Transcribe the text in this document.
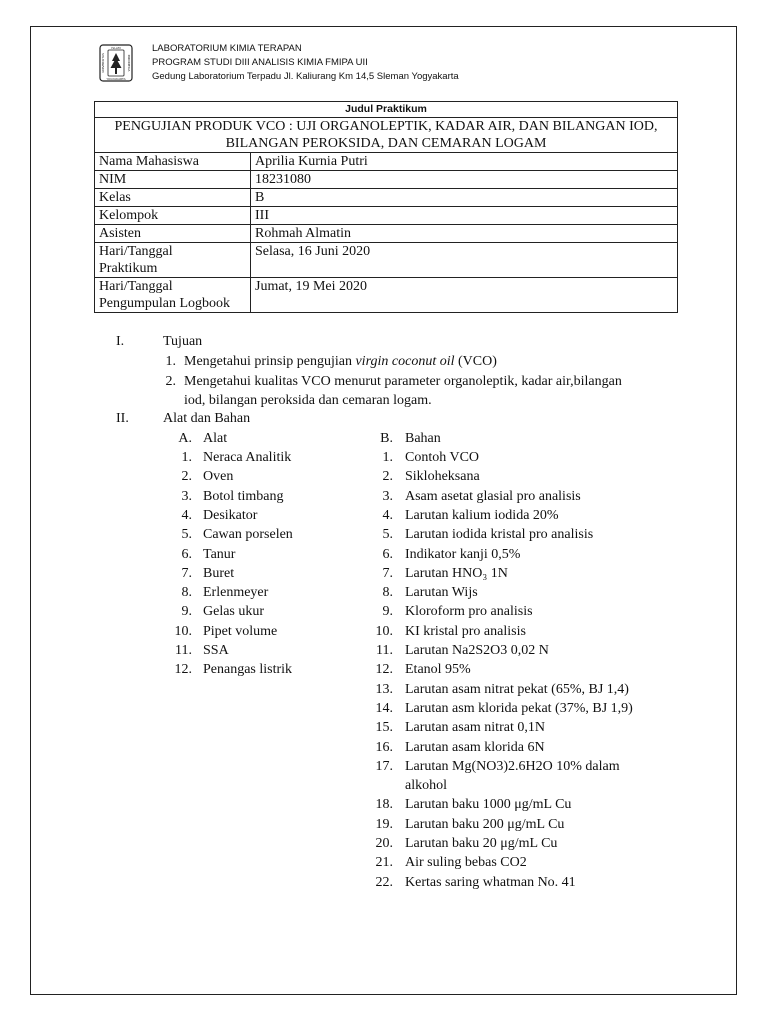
ISLAM
YOGYAKARTA
UNIVERSITAS	INDONESIA
LABORATORIUM KIMIA TERAPAN
PROGRAM STUDI DIII ANALISIS KIMIA FMIPA UII
Gedung Laboratorium Terpadu Jl. Kaliurang Km 14,5 Sleman Yogyakarta
Judul Praktikum	

PENGUJIAN PRODUK VCO : UJI ORGANOLEPTIK, KADAR AIR, DAN BILANGAN IOD,
BILANGAN PEROKSIDA, DAN CEMARAN LOGAM	

Nama Mahasiswa	Aprilia Kurnia Putri
NIM	18231080
Kelas	B
Kelompok	III
Asisten	Rohmah Almatin

Hari/Tanggal
Praktikum	Selasa, 16 Juni 2020

Hari/Tanggal
Pengumpulan Logbook	Jumat, 19 Mei 2020
I.	Tujuan
1. Mengetahui prinsip pengujian virgin coconut oil (VCO)
2. Mengetahui kualitas VCO menurut parameter organoleptik, kadar air,bilangan
iod, bilangan peroksida dan cemaran logam.
II. Alat dan Bahan
A. Alat	B. Bahan
1. Neraca Analitik
2. Oven
3. Botol timbang
4. Desikator
5. Cawan porselen
6. Tanur
7. Buret
8. Erlenmeyer
9. Gelas ukur
10. Pipet volume
11. SSA
12. Penangas listrik
1. Contoh VCO
2. Sikloheksana
3. Asam asetat glasial pro analisis
4. Larutan kalium iodida 20%
5. Larutan iodida kristal pro analisis
6. Indikator kanji 0,5%
7. Larutan HNO₃ 1N
8. Larutan Wijs
9. Kloroform pro analisis
10. KI kristal pro analisis
11. Larutan Na2S2O3 0,02 N
12. Etanol 95%
13. Larutan asam nitrat pekat (65%, BJ 1,4)
14. Larutan asm klorida pekat (37%, BJ 1,9)
15. Larutan asam nitrat 0,1N
16. Larutan asam klorida 6N
17. Larutan Mg(NO3)2.6H2O 10% dalam
alkohol
18. Larutan baku 1000 μg/mL Cu
19. Larutan baku 200 μg/mL Cu
20. Larutan baku 20 μg/mL Cu
21. Air suling bebas CO2
22. Kertas saring whatman No. 41
